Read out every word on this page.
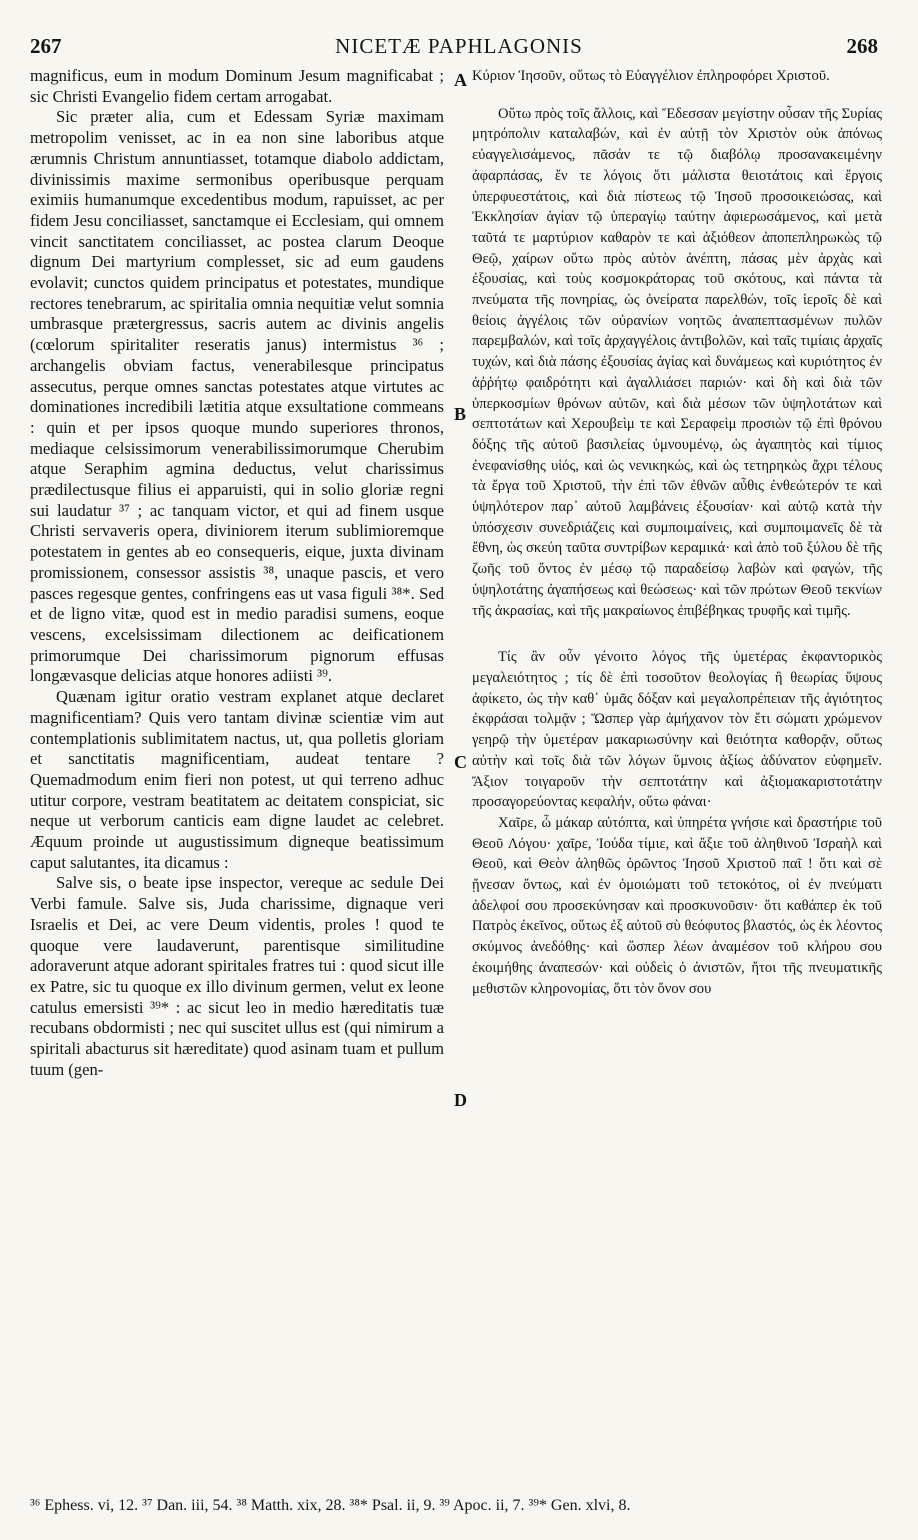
267	NICETÆ PAPHLAGONIS	268

magnificus, eum in modum Dominum Jesum magnificabat ; sic Christi Evangelio fidem certam arrogabat.

Sic præter alia, cum et Edessam Syriæ maximam metropolim venisset, ac in ea non sine laboribus atque ærumnis Christum annuntiasset, totamque diabolo addictam, divinissimis maxime sermonibus operibusque perquam eximiis humanumque excedentibus modum, rapuisset, ac per fidem Jesu conciliasset, sanctamque ei Ecclesiam, qui omnem vincit sanctitatem conciliasset, ac postea clarum Deoque dignum Dei martyrium complesset, sic ad eum gaudens evolavit; cunctos quidem principatus et potestates, mundique rectores tenebrarum, ac spiritalia omnia nequitiæ velut somnia umbrasque prætergressus, sacris autem ac divinis angelis (cœlorum spiritaliter reseratis janus) intermistus ³⁶ ; archangelis obviam factus, venerabilesque principatus assecutus, perque omnes sanctas potestates atque virtutes ac dominationes incredibili lætitia atque exsultatione commeans : quin et per ipsos quoque mundo superiores thronos, mediaque celsissimorum venerabilissimorumque Cherubim atque Seraphim agmina deductus, velut charissimus prædilectusque filius ei apparuisti, qui in solio gloriæ regni sui laudatur ³⁷ ; ac tanquam victor, et qui ad finem usque Christi servaveris opera, diviniorem iterum sublimioremque potestatem in gentes ab eo consequeris, eique, juxta divinam promissionem, consessor assistis ³⁸, unaque pascis, et vero pasces regesque gentes, confringens eas ut vasa figuli ³⁸*. Sed et de ligno vitæ, quod est in medio paradisi sumens, eoque vescens, excelsissimam dilectionem ac deificationem primorumque Dei charissimorum pignorum effusas longævasque delicias atque honores adiisti ³⁹.

Quænam igitur oratio vestram explanet atque declaret magnificentiam? Quis vero tantam divinæ scientiæ vim aut contemplationis sublimitatem nactus, ut, qua polletis gloriam et sanctitatis magnificentiam, audeat tentare ? Quemadmodum enim fieri non potest, ut qui terreno adhuc utitur corpore, vestram beatitatem ac deitatem conspiciat, sic neque ut verborum canticis eam digne laudet ac celebret. Æquum proinde ut augustissimum digneque beatissimum caput salutantes, ita dicamus :

Salve sis, o beate ipse inspector, vereque ac sedule Dei Verbi famule. Salve sis, Juda charissime, dignaque veri Israelis et Dei, ac vere Deum videntis, proles ! quod te quoque vere laudaverunt, parentisque similitudine adoraverunt atque adorant spiritales fratres tui : quod sicut ille ex Patre, sic tu quoque ex illo divinum germen, velut ex leone catulus emersisti ³⁹* : ac sicut leo in medio hæreditatis tuæ recubans obdormisti ; nec qui suscitet ullus est (qui nimirum a spiritali abacturus sit hæreditate) quod asinam tuam et pullum tuum (gen-

A
B
C
D

Κύριον Ἰησοῦν, οὕτως τὸ Εὐαγγέλιον ἐπληροφόρει Χριστοῦ.

Οὕτω πρὸς τοῖς ἄλλοις, καὶ Ἔδεσσαν μεγίστην οὖσαν τῆς Συρίας μητρόπολιν καταλαβών, καὶ ἐν αὐτῇ τὸν Χριστὸν οὐκ ἀπόνως εὐαγγελισάμενος, πᾶσάν τε τῷ διαβόλῳ προσανακειμένην ἀφαρπάσας, ἔν τε λόγοις ὅτι μάλιστα θειοτάτοις καὶ ἔργοις ὑπερφυεστάτοις, καὶ διὰ πίστεως τῷ Ἰησοῦ προσοικειώσας, καὶ Ἐκκλησίαν ἁγίαν τῷ ὑπεραγίῳ ταύτην ἀφιερωσάμενος, καὶ μετὰ ταῦτά τε μαρτύριον καθαρὸν τε καὶ ἀξιόθεον ἀποπεπληρωκὼς τῷ Θεῷ, χαίρων οὕτω πρὸς αὐτὸν ἀνέπτη, πάσας μὲν ἀρχὰς καὶ ἐξουσίας, καὶ τοὺς κοσμοκράτορας τοῦ σκότους, καὶ πάντα τὰ πνεύματα τῆς πονηρίας, ὡς ὀνείρατα παρελθών, τοῖς ἱεροῖς δὲ καὶ θείοις ἀγγέλοις τῶν οὐρανίων νοητῶς ἀναπεπτασμένων πυλῶν παρεμβαλών, καὶ τοῖς ἀρχαγγέλοις ἀντιβολῶν, καὶ ταῖς τιμίαις ἀρχαῖς τυχών, καὶ διὰ πάσης ἐξουσίας ἁγίας καὶ δυνάμεως καὶ κυριότητος ἐν ἀῤῥήτῳ φαιδρότητι καὶ ἀγαλλιάσει παριών· καὶ δὴ καὶ διὰ τῶν ὑπερκοσμίων θρόνων αὐτῶν, καὶ διὰ μέσων τῶν ὑψηλοτάτων καὶ σεπτοτάτων καὶ Χερουβεὶμ τε καὶ Σεραφεὶμ προσιὼν τῷ ἐπὶ θρόνου δόξης τῆς αὐτοῦ βασιλείας ὑμνουμένῳ, ὡς ἀγαπητὸς καὶ τίμιος ἐνεφανίσθης υἱός, καὶ ὡς νενικηκώς, καὶ ὡς τετηρηκὼς ἄχρι τέλους τὰ ἔργα τοῦ Χριστοῦ, τὴν ἐπὶ τῶν ἐθνῶν αὖθις ἐνθεώτερόν τε καὶ ὑψηλότερον παρ᾽ αὐτοῦ λαμβάνεις ἐξουσίαν· καὶ αὐτῷ κατὰ τὴν ὑπόσχεσιν συνεδριάζεις καὶ συμποιμαίνεις, καὶ συμποιμανεῖς δὲ τὰ ἔθνη, ὡς σκεύη ταῦτα συντρίβων κεραμικά· καὶ ἀπὸ τοῦ ξύλου δὲ τῆς ζωῆς τοῦ ὄντος ἐν μέσῳ τῷ παραδείσῳ λαβὼν καὶ φαγών, τῆς ὑψηλοτάτης ἀγαπήσεως καὶ θεώσεως· καὶ τῶν πρώτων Θεοῦ τεκνίων τῆς ἀκρασίας, καὶ τῆς μακραίωνος ἐπιβέβηκας τρυφῆς καὶ τιμῆς.

Τίς ἂν οὖν γένοιτο λόγος τῆς ὑμετέρας ἐκφαντορικὸς μεγαλειότητος ; τίς δὲ ἐπὶ τοσοῦτον θεολογίας ἢ θεωρίας ὕψους ἀφίκετο, ὡς τὴν καθ᾽ ὑμᾶς δόξαν καὶ μεγαλοπρέπειαν τῆς ἁγιότητος ἐκφράσαι τολμᾷν ; Ὥσπερ γὰρ ἀμήχανον τὸν ἔτι σώματι χρώμενον γεηρῷ τὴν ὑμετέραν μακαριωσύνην καὶ θειότητα καθορᾷν, οὕτως αὐτὴν καὶ τοῖς διὰ τῶν λόγων ὕμνοις ἀξίως ἀδύνατον εὐφημεῖν. Ἄξιον τοιγαροῦν τὴν σεπτοτάτην καὶ ἀξιομακαριστοτάτην προσαγορεύοντας κεφαλήν, οὕτω φάναι·

Χαῖρε, ὦ μάκαρ αὐτόπτα, καὶ ὑπηρέτα γνήσιε καὶ δραστήριε τοῦ Θεοῦ Λόγου· χαῖρε, Ἰούδα τίμιε, καὶ ἄξιε τοῦ ἀληθινοῦ Ἰσραὴλ καὶ Θεοῦ, καὶ Θεὸν ἀληθῶς ὁρῶντος Ἰησοῦ Χριστοῦ παῖ ! ὅτι καὶ σὲ ᾔνεσαν ὄντως, καὶ ἐν ὁμοιώματι τοῦ τετοκότος, οἱ ἐν πνεύματι ἀδελφοί σου προσεκύνησαν καὶ προσκυνοῦσιν· ὅτι καθάπερ ἐκ τοῦ Πατρὸς ἐκεῖνος, οὕτως ἐξ αὐτοῦ σὺ θεόφυτος βλαστός, ὡς ἐκ λέοντος σκύμνος ἀνεδόθης· καὶ ὥσπερ λέων ἀναμέσον τοῦ κλήρου σου ἐκοιμήθης ἀναπεσών· καὶ οὐδεὶς ὁ ἀνιστῶν, ἤτοι τῆς πνευματικῆς μεθιστῶν κληρονομίας, ὅτι τὸν ὄνον σου

³⁶ Ephess. vi, 12. ³⁷ Dan. iii, 54. ³⁸ Matth. xix, 28. ³⁸* Psal. ii, 9. ³⁹ Apoc. ii, 7. ³⁹* Gen. xlvi, 8.
